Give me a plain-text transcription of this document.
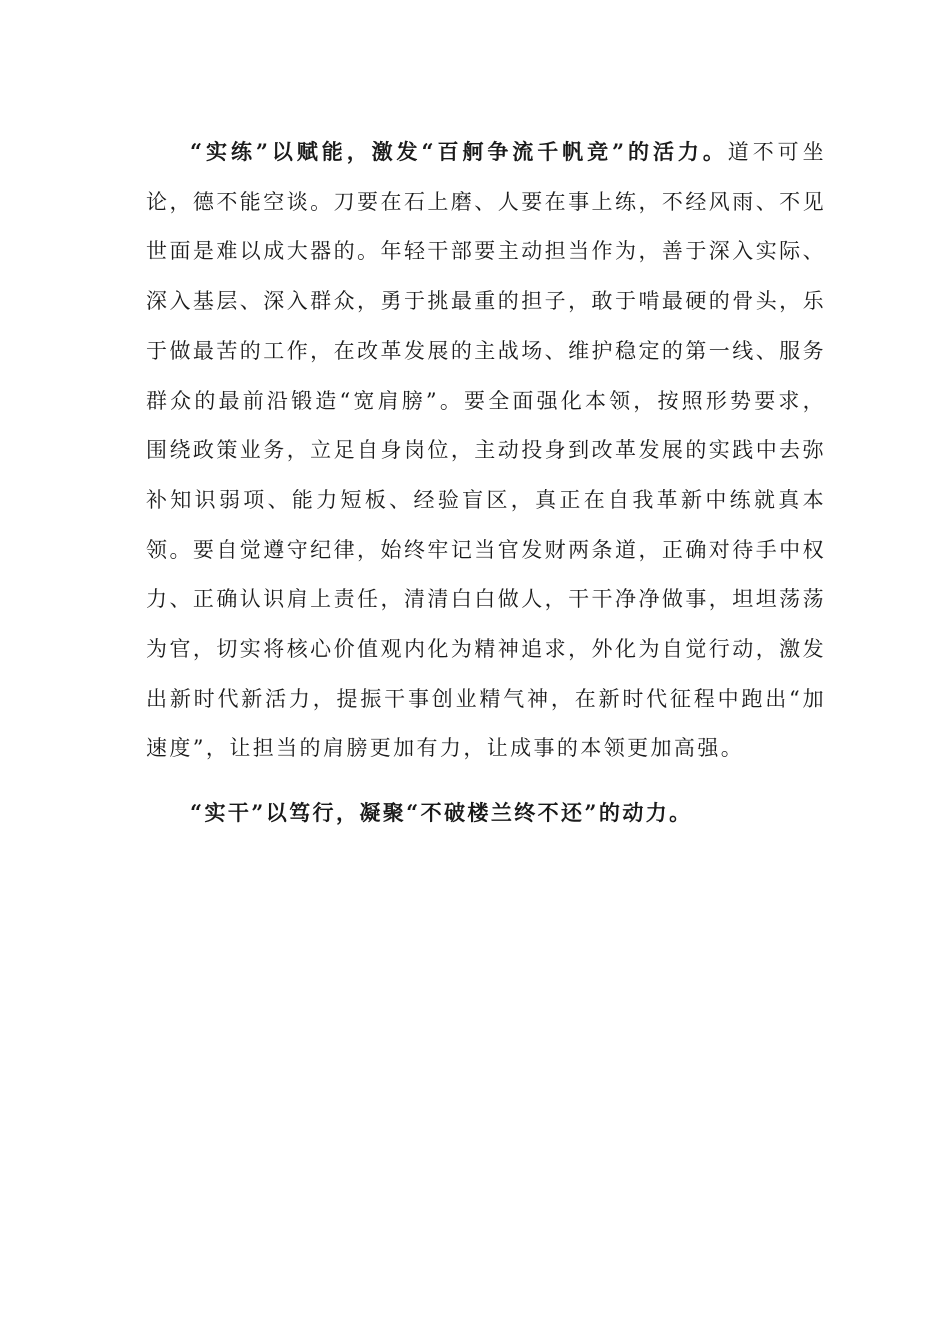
“实练”以赋能，激发“百舸争流千帆竞”的活力。道不可坐论，德不能空谈。刀要在石上磨、人要在事上练，不经风雨、不见世面是难以成大器的。年轻干部要主动担当作为，善于深入实际、深入基层、深入群众，勇于挑最重的担子，敢于啃最硬的骨头，乐于做最苦的工作，在改革发展的主战场、维护稳定的第一线、服务群众的最前沿锻造“宽肩膀”。要全面强化本领，按照形势要求，围绕政策业务，立足自身岗位，主动投身到改革发展的实践中去弥补知识弱项、能力短板、经验盲区，真正在自我革新中练就真本领。要自觉遵守纪律，始终牢记当官发财两条道，正确对待手中权力、正确认识肩上责任，清清白白做人，干干净净做事，坦坦荡荡为官，切实将核心价值观内化为精神追求，外化为自觉行动，激发出新时代新活力，提振干事创业精气神，在新时代征程中跑出“加速度”，让担当的肩膀更加有力，让成事的本领更加高强。

“实干”以笃行，凝聚“不破楼兰终不还”的动力。
